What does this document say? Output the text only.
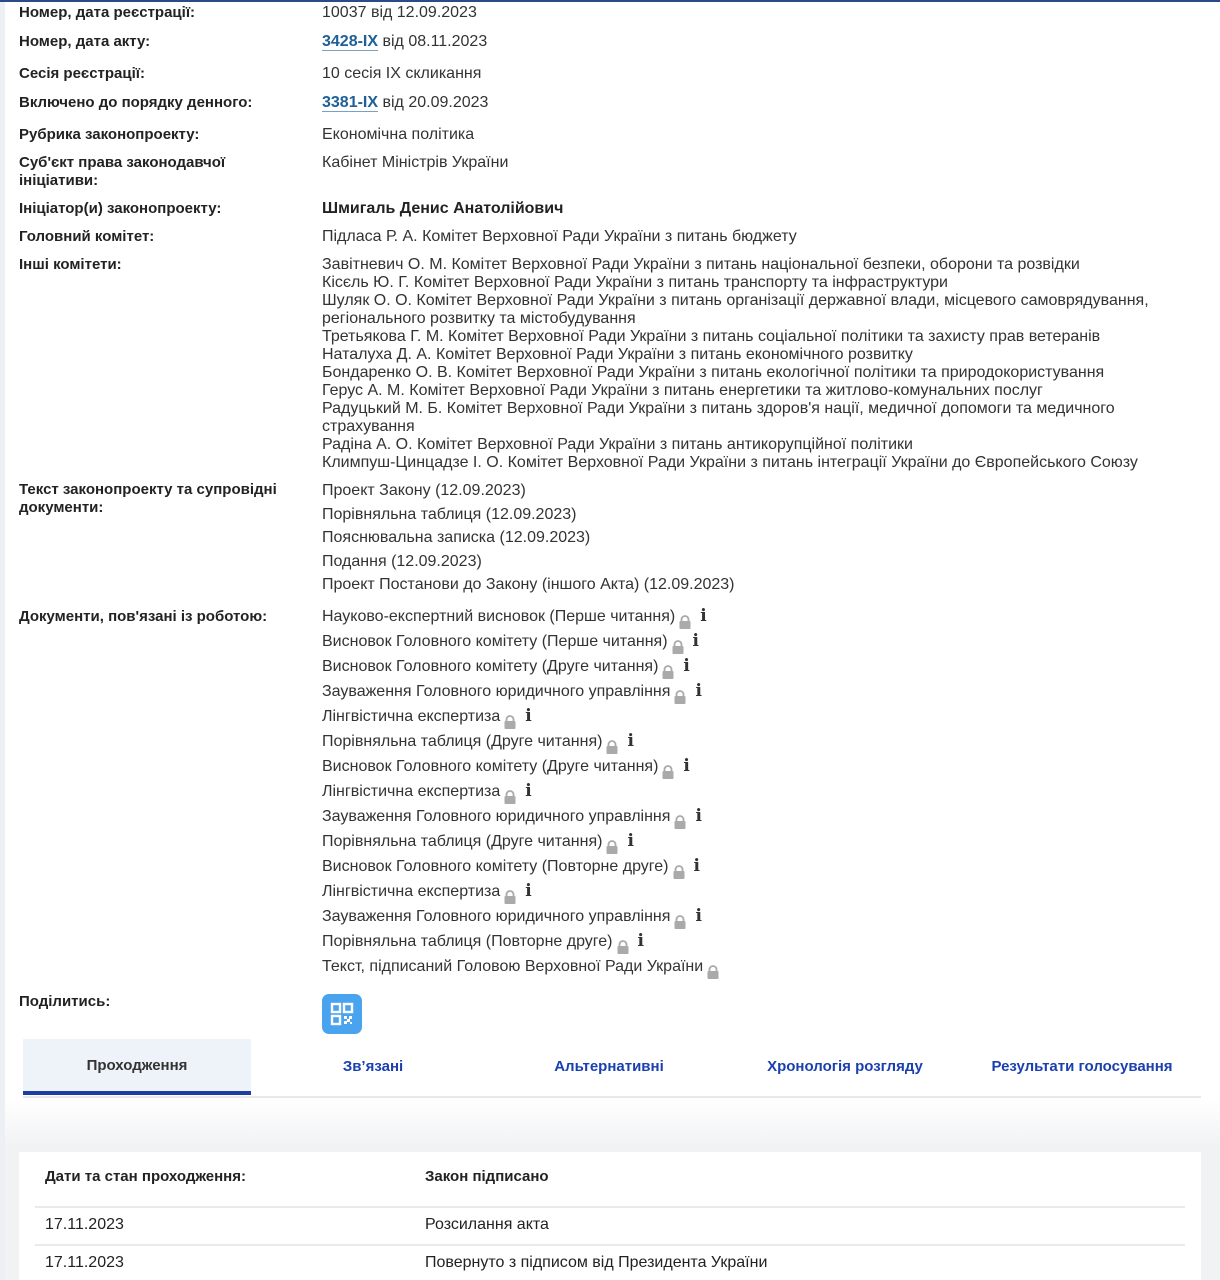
Номер, дата реєстрації:	10037 від 12.09.2023
Номер, дата акту:	3428-IX від 08.11.2023
Сесія реєстрації:	10 сесія IX скликання
Включено до порядку денного:	3381-IX від 20.09.2023
Рубрика законопроекту:	Економічна політика
Суб'єкт права законодавчої ініціативи:
Кабінет Міністрів України
Ініціатор(и) законопроекту:	Шмигаль Денис Анатолійович
Головний комітет:	Підласа Р. А. Комітет Верховної Ради України з питань бюджету
Інші комітети:	Завітневич О. М. Комітет Верховної Ради України з питань національної безпеки, оборони та розвідки
Кісєль Ю. Г. Комітет Верховної Ради України з питань транспорту та інфраструктури
Шуляк О. О. Комітет Верховної Ради України з питань організації державної влади, місцевого самоврядування, регіонального розвитку та містобудування
Третьякова Г. М. Комітет Верховної Ради України з питань соціальної політики та захисту прав ветеранів
Наталуха Д. А. Комітет Верховної Ради України з питань економічного розвитку
Бондаренко О. В. Комітет Верховної Ради України з питань екологічної політики та природокористування
Герус А. М. Комітет Верховної Ради України з питань енергетики та житлово-комунальних послуг
Радуцький М. Б. Комітет Верховної Ради України з питань здоров'я нації, медичної допомоги та медичного страхування
Радіна А. О. Комітет Верховної Ради України з питань антикорупційної політики
Климпуш-Цинцадзе І. О. Комітет Верховної Ради України з питань інтеграції України до Європейського Союзу
Текст законопроекту та супровідні документи:
Проект Закону (12.09.2023)
Порівняльна таблиця (12.09.2023)
Пояснювальна записка (12.09.2023)
Подання (12.09.2023)
Проект Постанови до Закону (іншого Акта) (12.09.2023)
Документи, пов'язані із роботою:	Науково-експертний висновок (Перше читання) i
Висновок Головного комітету (Перше читання) i
Висновок Головного комітету (Друге читання) i
Зауваження Головного юридичного управління i
Лінгвістична експертиза i
Порівняльна таблиця (Друге читання) i
Висновок Головного комітету (Друге читання) i
Лінгвістична експертиза i
Зауваження Головного юридичного управління i
Порівняльна таблиця (Друге читання) i
Висновок Головного комітету (Повторне друге) i
Лінгвістична експертиза i
Зауваження Головного юридичного управління i
Порівняльна таблиця (Повторне друге) i
Текст, підписаний Головою Верховної Ради України
Поділитись:
Проходження	Зв’язані	Альтернативні	Хронологія розгляду	Результати голосування
Дати та стан проходження:	Закон підписано
17.11.2023	Розсилання акта
17.11.2023	Повернуто з підписом від Президента України
